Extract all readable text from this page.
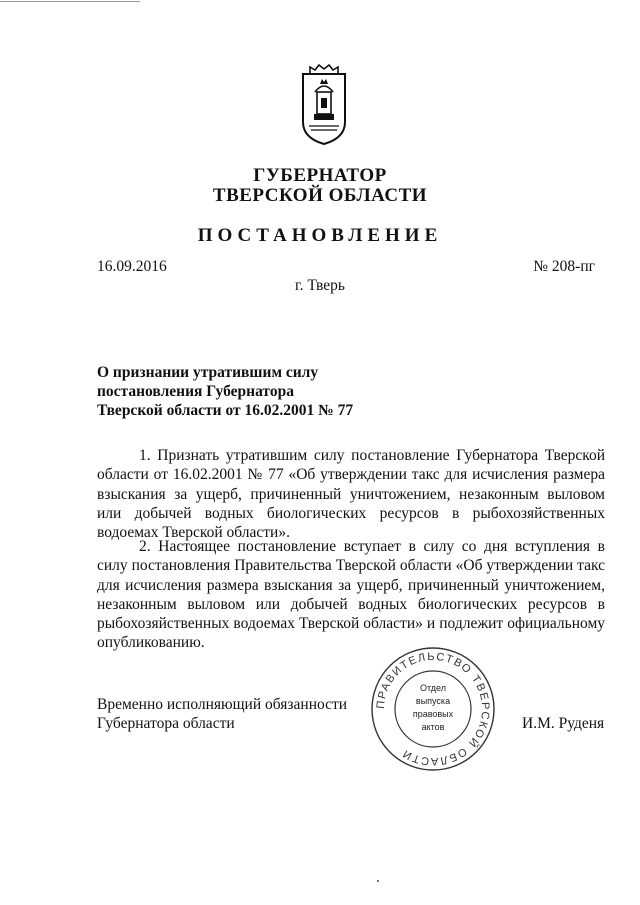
ГУБЕРНАТОР
ТВЕРСКОЙ ОБЛАСТИ
ПОСТАНОВЛЕНИЕ
16.09.2016	№ 208-пг
г. Тверь
О признании утратившим силу
постановления Губернатора
Тверской области от 16.02.2001 № 77

1. Признать утратившим силу постановление Губернатора Тверской области от 16.02.2001 № 77 «Об утверждении такс для исчисления размера взыскания за ущерб, причиненный уничтожением, незаконным выловом или добычей водных биологических ресурсов в рыбохозяйственных водоемах Тверской области».

2. Настоящее постановление вступает в силу со дня вступления в силу постановления Правительства Тверской области «Об утверждении такс для исчисления размера взыскания за ущерб, причиненный уничтожением, незаконным выловом или добычей водных биологических ресурсов в рыбохозяйственных водоемах Тверской области» и подлежит официальному опубликованию.

Временно исполняющий обязанности
Губернатора области	И.М. Руденя
ПРАВИТЕЛЬСТВО ТВЕРСКОЙ ОБЛАСТИ
Отдел
выпуска
правовых
актов
